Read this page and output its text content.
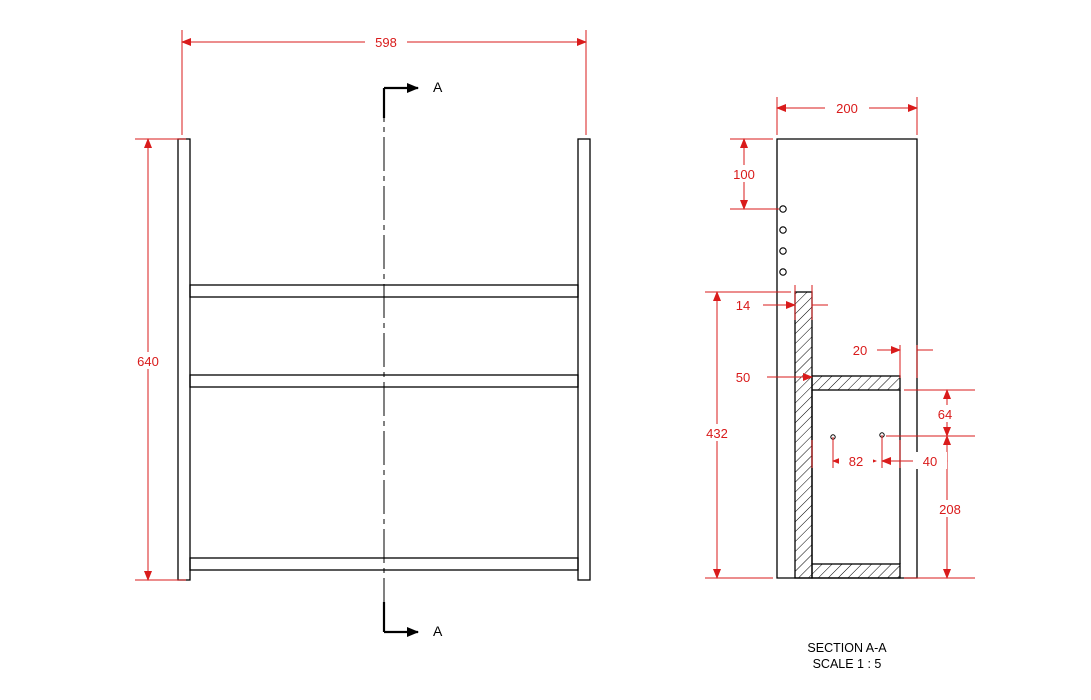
A
A
598
640
200
100
14
50
20
432
64
208
82	40
SECTION A-A
SCALE 1 : 5
